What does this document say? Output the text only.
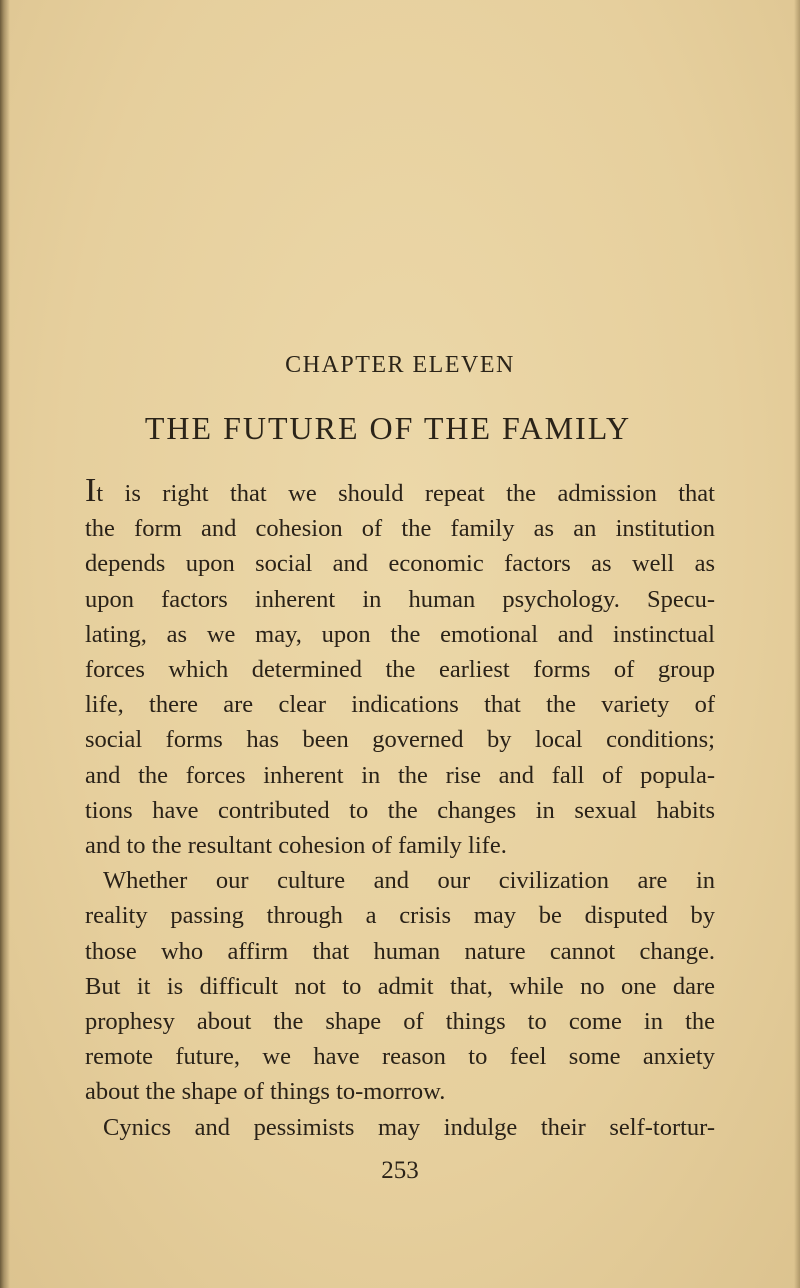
CHAPTER ELEVEN
THE FUTURE OF THE FAMILY
It is right that we should repeat the admission that
the form and cohesion of the family as an institution
depends upon social and economic factors as well as
upon factors inherent in human psychology. Specu-
lating, as we may, upon the emotional and instinctual
forces which determined the earliest forms of group
life, there are clear indications that the variety of
social forms has been governed by local conditions;
and the forces inherent in the rise and fall of popula-
tions have contributed to the changes in sexual habits
and to the resultant cohesion of family life.
Whether our culture and our civilization are in
reality passing through a crisis may be disputed by
those who affirm that human nature cannot change.
But it is difficult not to admit that, while no one dare
prophesy about the shape of things to come in the
remote future, we have reason to feel some anxiety
about the shape of things to-morrow.
Cynics and pessimists may indulge their self-tortur-
253
